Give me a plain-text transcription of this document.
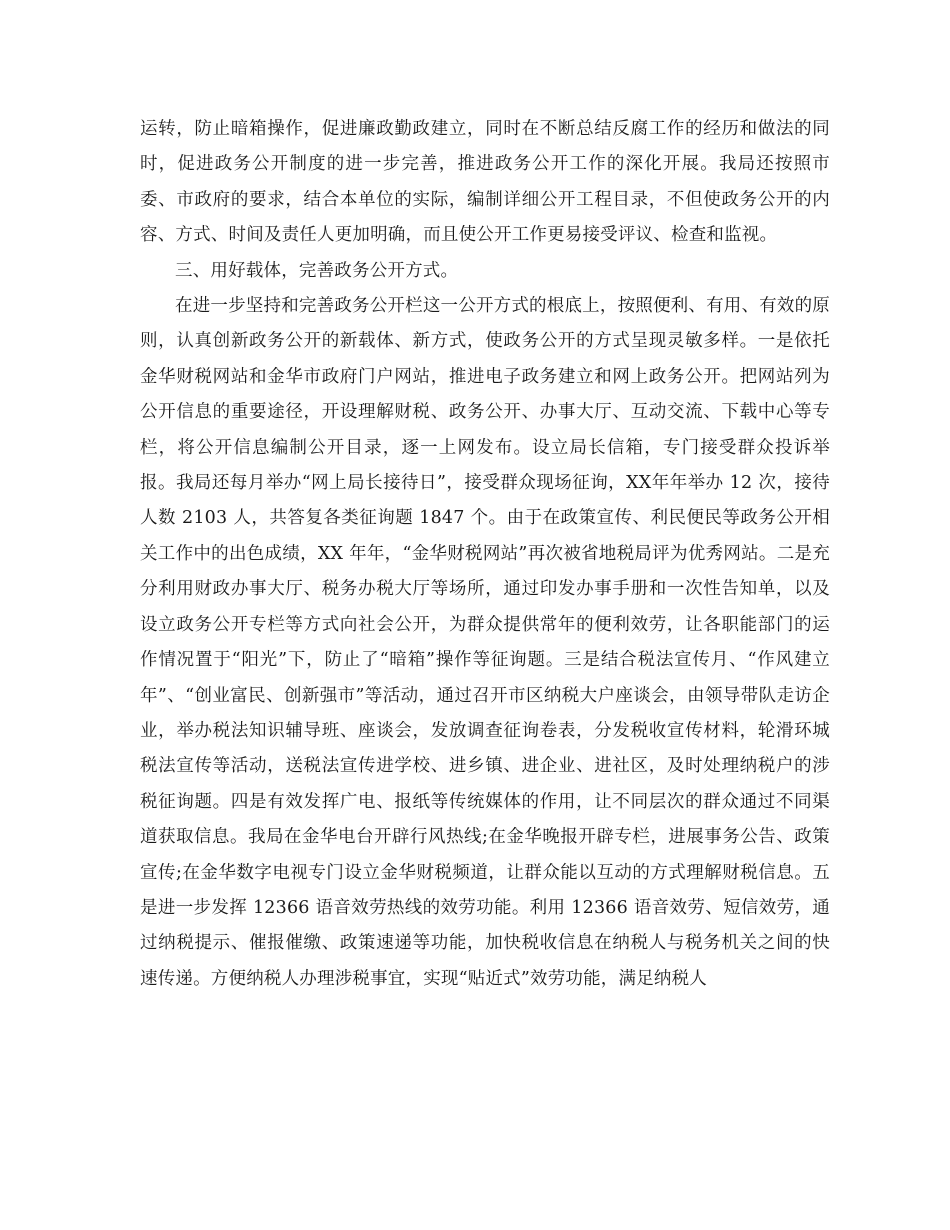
运转，防止暗箱操作，促进廉政勤政建立，同时在不断总结反腐工作的经历和做法的同时，促进政务公开制度的进一步完善，推进政务公开工作的深化开展。我局还按照市委、市政府的要求，结合本单位的实际，编制详细公开工程目录，不但使政务公开的内容、方式、时间及责任人更加明确，而且使公开工作更易接受评议、检查和监视。

三、用好载体，完善政务公开方式。

在进一步坚持和完善政务公开栏这一公开方式的根底上，按照便利、有用、有效的原则，认真创新政务公开的新载体、新方式，使政务公开的方式呈现灵敏多样。一是依托金华财税网站和金华市政府门户网站，推进电子政务建立和网上政务公开。把网站列为公开信息的重要途径，开设理解财税、政务公开、办事大厅、互动交流、下载中心等专栏，将公开信息编制公开目录，逐一上网发布。设立局长信箱，专门接受群众投诉举报。我局还每月举办“网上局长接待日”，接受群众现场征询，XX年年举办 12 次，接待人数 2103 人，共答复各类征询题 1847 个。由于在政策宣传、利民便民等政务公开相关工作中的出色成绩，XX 年年，“金华财税网站”再次被省地税局评为优秀网站。二是充分利用财政办事大厅、税务办税大厅等场所，通过印发办事手册和一次性告知单，以及设立政务公开专栏等方式向社会公开，为群众提供常年的便利效劳，让各职能部门的运作情况置于“阳光”下，防止了“暗箱”操作等征询题。三是结合税法宣传月、“作风建立年”、“创业富民、创新强市”等活动，通过召开市区纳税大户座谈会，由领导带队走访企业，举办税法知识辅导班、座谈会，发放调查征询卷表，分发税收宣传材料，轮滑环城税法宣传等活动，送税法宣传进学校、进乡镇、进企业、进社区，及时处理纳税户的涉税征询题。四是有效发挥广电、报纸等传统媒体的作用，让不同层次的群众通过不同渠道获取信息。我局在金华电台开辟行风热线;在金华晚报开辟专栏，进展事务公告、政策宣传;在金华数字电视专门设立金华财税频道，让群众能以互动的方式理解财税信息。五是进一步发挥 12366 语音效劳热线的效劳功能。利用 12366 语音效劳、短信效劳，通过纳税提示、催报催缴、政策速递等功能，加快税收信息在纳税人与税务机关之间的快速传递。方便纳税人办理涉税事宜，实现“贴近式”效劳功能，满足纳税人
